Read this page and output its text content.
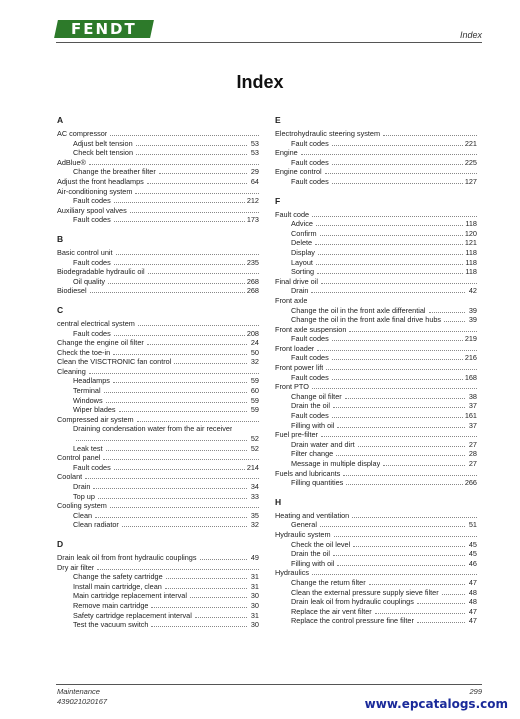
FENDT	Index
Index
A
AC compressor
Adjust belt tension	53
Check belt tension	53
AdBlue®
Change the breather filter	29
Adjust the front headlamps	64
Air-conditioning system
Fault codes	212
Auxiliary spool valves
Fault codes	173
B
Basic control unit
Fault codes	235
Biodegradable hydraulic oil
Oil quality	268
Biodiesel	268
C
central electrical system
Fault codes	208
Change the engine oil filter	24
Check the toe-in	50
Clean the VISCTRONIC fan control	32
Cleaning
Headlamps	59
Terminal	60
Windows	59
Wiper blades	59
Compressed air system
Draining condensation water from the air receiver
52
Leak test	52
Control panel
Fault codes	214
Coolant
Drain	34
Top up	33
Cooling system
Clean	35
Clean radiator	32
D
Drain leak oil from front hydraulic couplings	49
Dry air filter
Change the safety cartridge	31
Install main cartridge, clean	31
Main cartridge replacement interval	30
Remove main cartridge	30
Safety cartridge replacement interval	31
Test the vacuum switch	30
E
Electrohydraulic steering system
Fault codes	221
Engine
Fault codes	225
Engine control
Fault codes	127
F
Fault code
Advice	118
Confirm	120
Delete	121
Display	118
Layout	118
Sorting	118
Final drive oil
Drain	42
Front axle
Change the oil in the front axle differential	39
Change the oil in the front axle final drive hubs	39
Front axle suspension
Fault codes	219
Front loader
Fault codes	216
Front power lift
Fault codes	168
Front PTO
Change oil filter	38
Drain the oil	37
Fault codes	161
Filling with oil	37
Fuel pre-filter
Drain water and dirt	27
Filter change	28
Message in multiple display	27
Fuels and lubricants
Filling quantities	266
H
Heating and ventilation
General	51
Hydraulic system
Check the oil level	45
Drain the oil	45
Filling with oil	46
Hydraulics
Change the return filter	47
Clean the external pressure supply sieve filter	48
Drain leak oil from hydraulic couplings	48
Replace the air vent filter	47
Replace the control pressure fine filter	47
Maintenance
439021020167
299
www.epcatalogs.com
